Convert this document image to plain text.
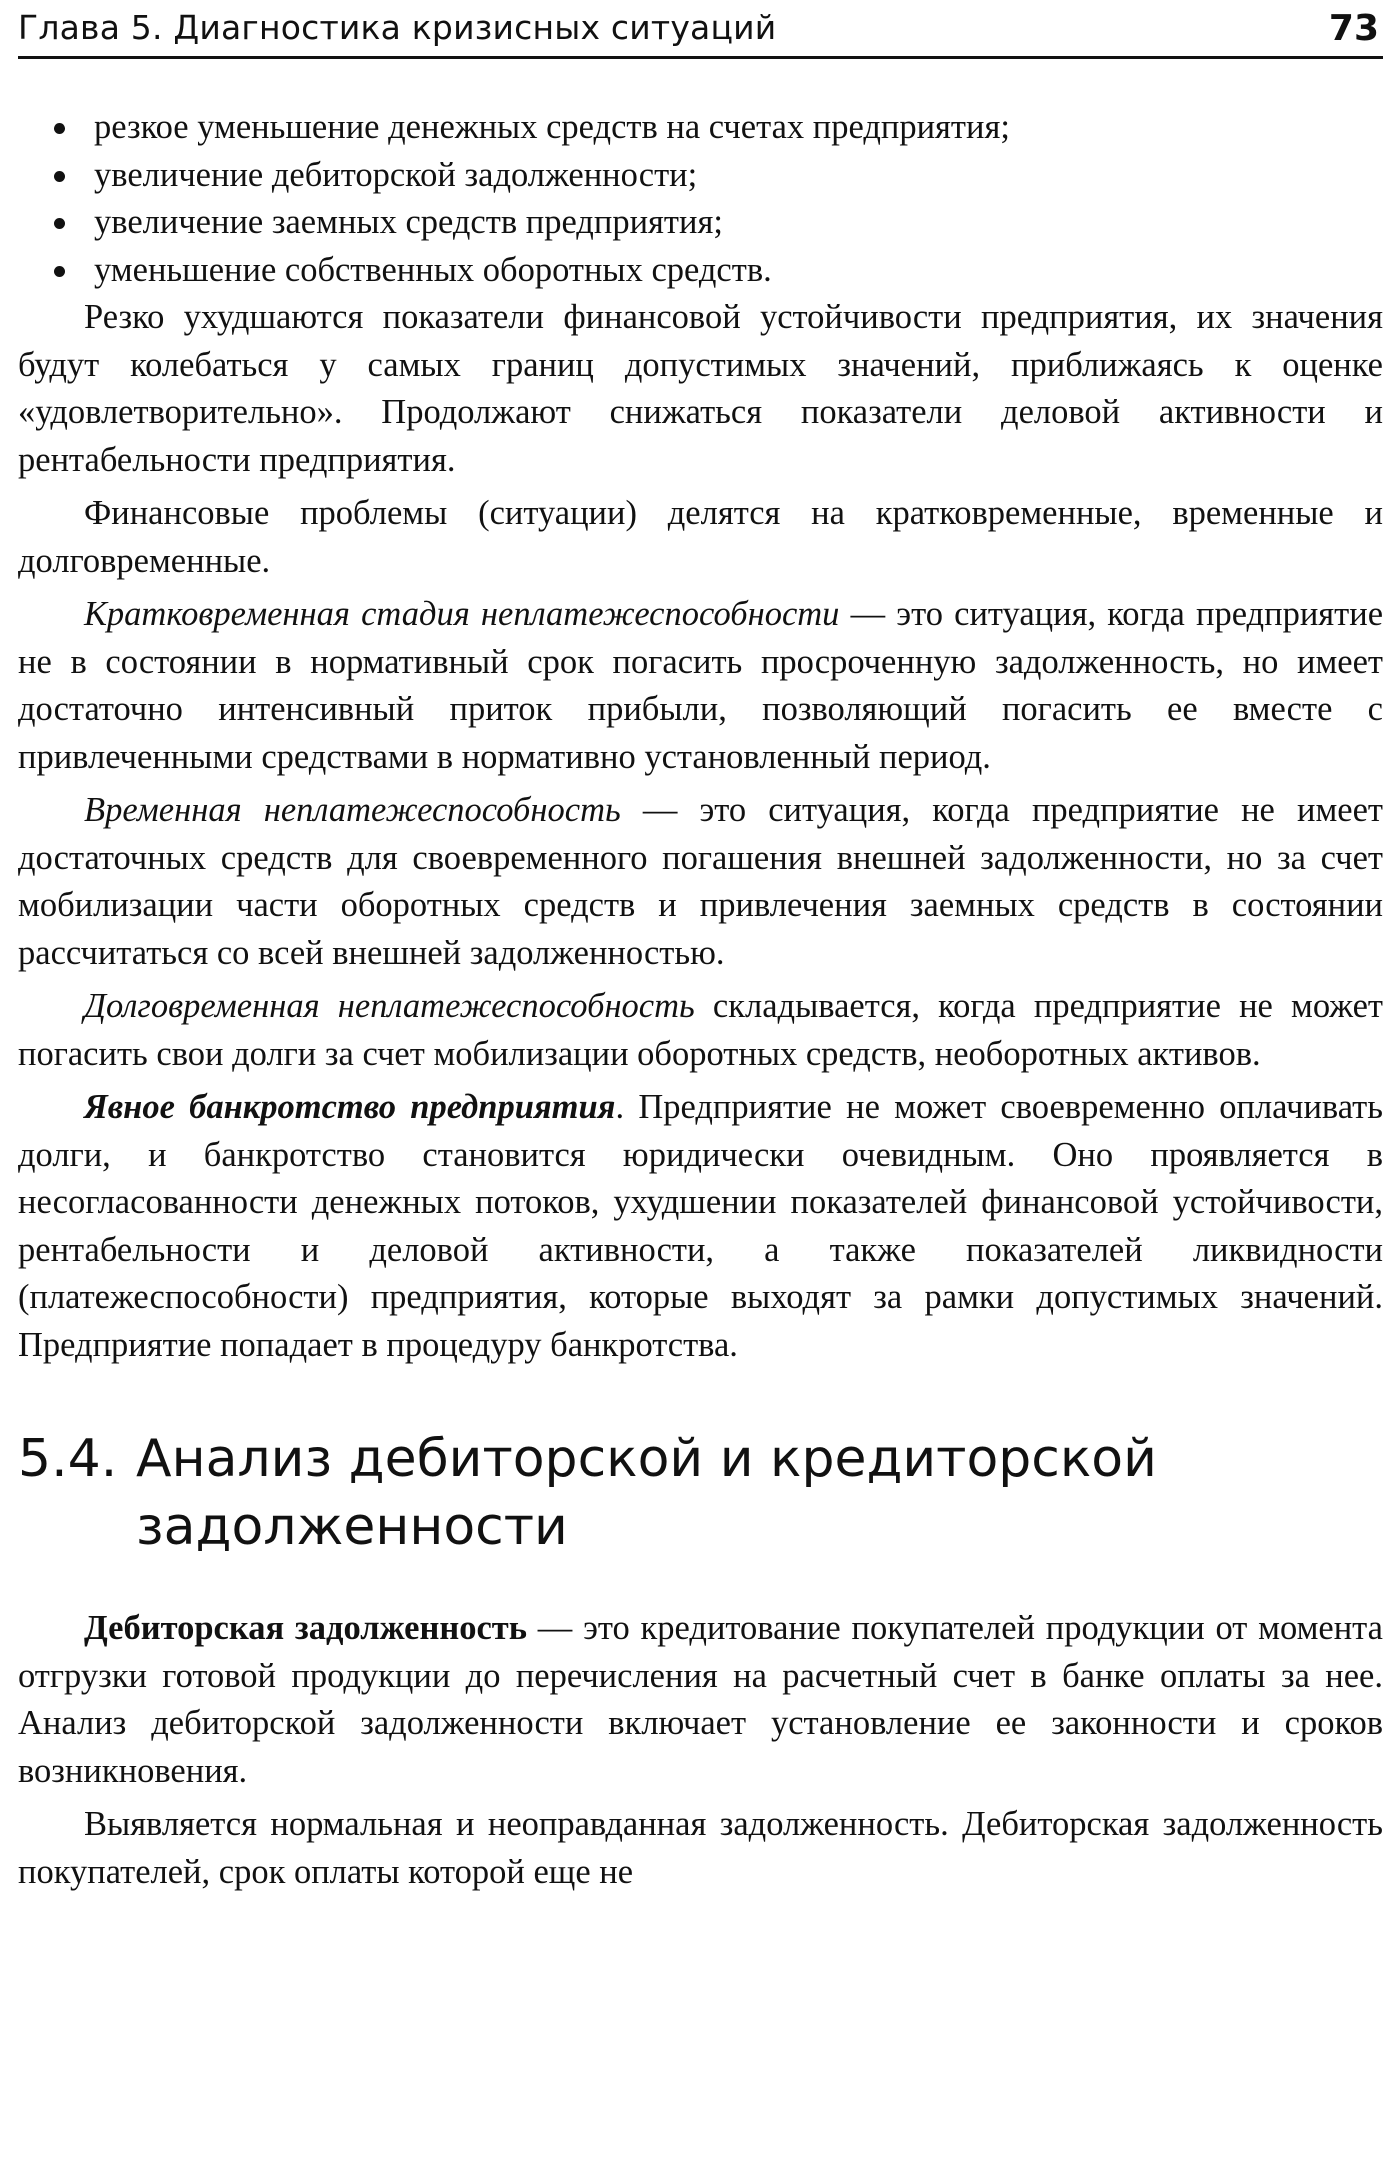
Глава 5. Диагностика кризисных ситуаций	73
резкое уменьшение денежных средств на счетах предприятия;
увеличение дебиторской задолженности;
увеличение заемных средств предприятия;
уменьшение собственных оборотных средств.

Резко ухудшаются показатели финансовой устойчивости предприятия, их значения будут колебаться у самых границ допустимых значений, приближаясь к оценке «удовлетворительно». Продолжают снижаться показатели деловой активности и рентабельности предприятия.

Финансовые проблемы (ситуации) делятся на кратковременные, временные и долговременные.

Кратковременная стадия неплатежеспособности — это ситуация, когда предприятие не в состоянии в нормативный срок погасить просроченную задолженность, но имеет достаточно интенсивный приток прибыли, позволяющий погасить ее вместе с привлеченными средствами в нормативно установленный период.

Временная неплатежеспособность — это ситуация, когда предприятие не имеет достаточных средств для своевременного погашения внешней задолженности, но за счет мобилизации части оборотных средств и привлечения заемных средств в состоянии рассчитаться со всей внешней задолженностью.

Долговременная неплатежеспособность складывается, когда предприятие не может погасить свои долги за счет мобилизации оборотных средств, необоротных активов.

Явное банкротство предприятия. Предприятие не может своевременно оплачивать долги, и банкротство становится юридически очевидным. Оно проявляется в несогласованности денежных потоков, ухудшении показателей финансовой устойчивости, рентабельности и деловой активности, а также показателей ликвидности (платежеспособности) предприятия, которые выходят за рамки допустимых значений. Предприятие попадает в процедуру банкротства.

5.4. Анализ дебиторской и кредиторской
задолженности

Дебиторская задолженность — это кредитование покупателей продукции от момента отгрузки готовой продукции до перечисления на расчетный счет в банке оплаты за нее. Анализ дебиторской задолженности включает установление ее законности и сроков возникновения.

Выявляется нормальная и неоправданная задолженность. Дебиторская задолженность покупателей, срок оплаты которой еще не
